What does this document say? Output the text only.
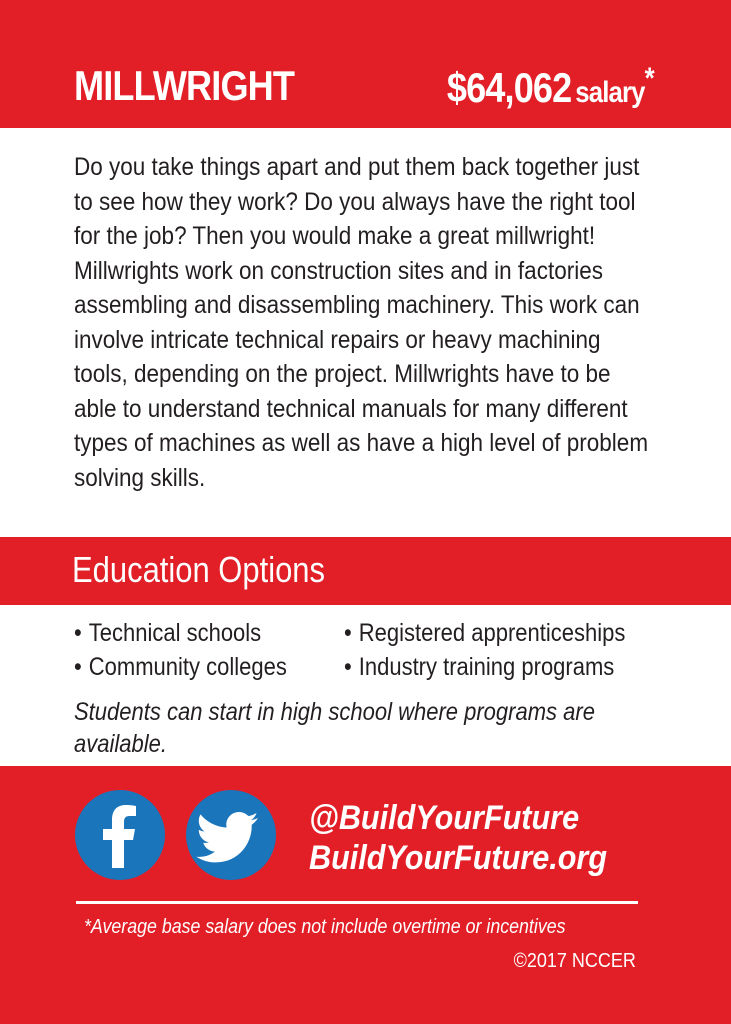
MILLWRIGHT	$64,062 salary*
Do you take things apart and put them back together just to see how they work? Do you always have the right tool for the job? Then you would make a great millwright! Millwrights work on construction sites and in factories assembling and disassembling machinery. This work can involve intricate technical repairs or heavy machining tools, depending on the project. Millwrights have to be able to understand technical manuals for many different types of machines as well as have a high level of problem solving skills.
Education Options
• Technical schools
• Community colleges
• Registered apprenticeships
• Industry training programs
Students can start in high school where programs are available.
@BuildYourFuture
BuildYourFuture.org
*Average base salary does not include overtime or incentives
©2017 NCCER
